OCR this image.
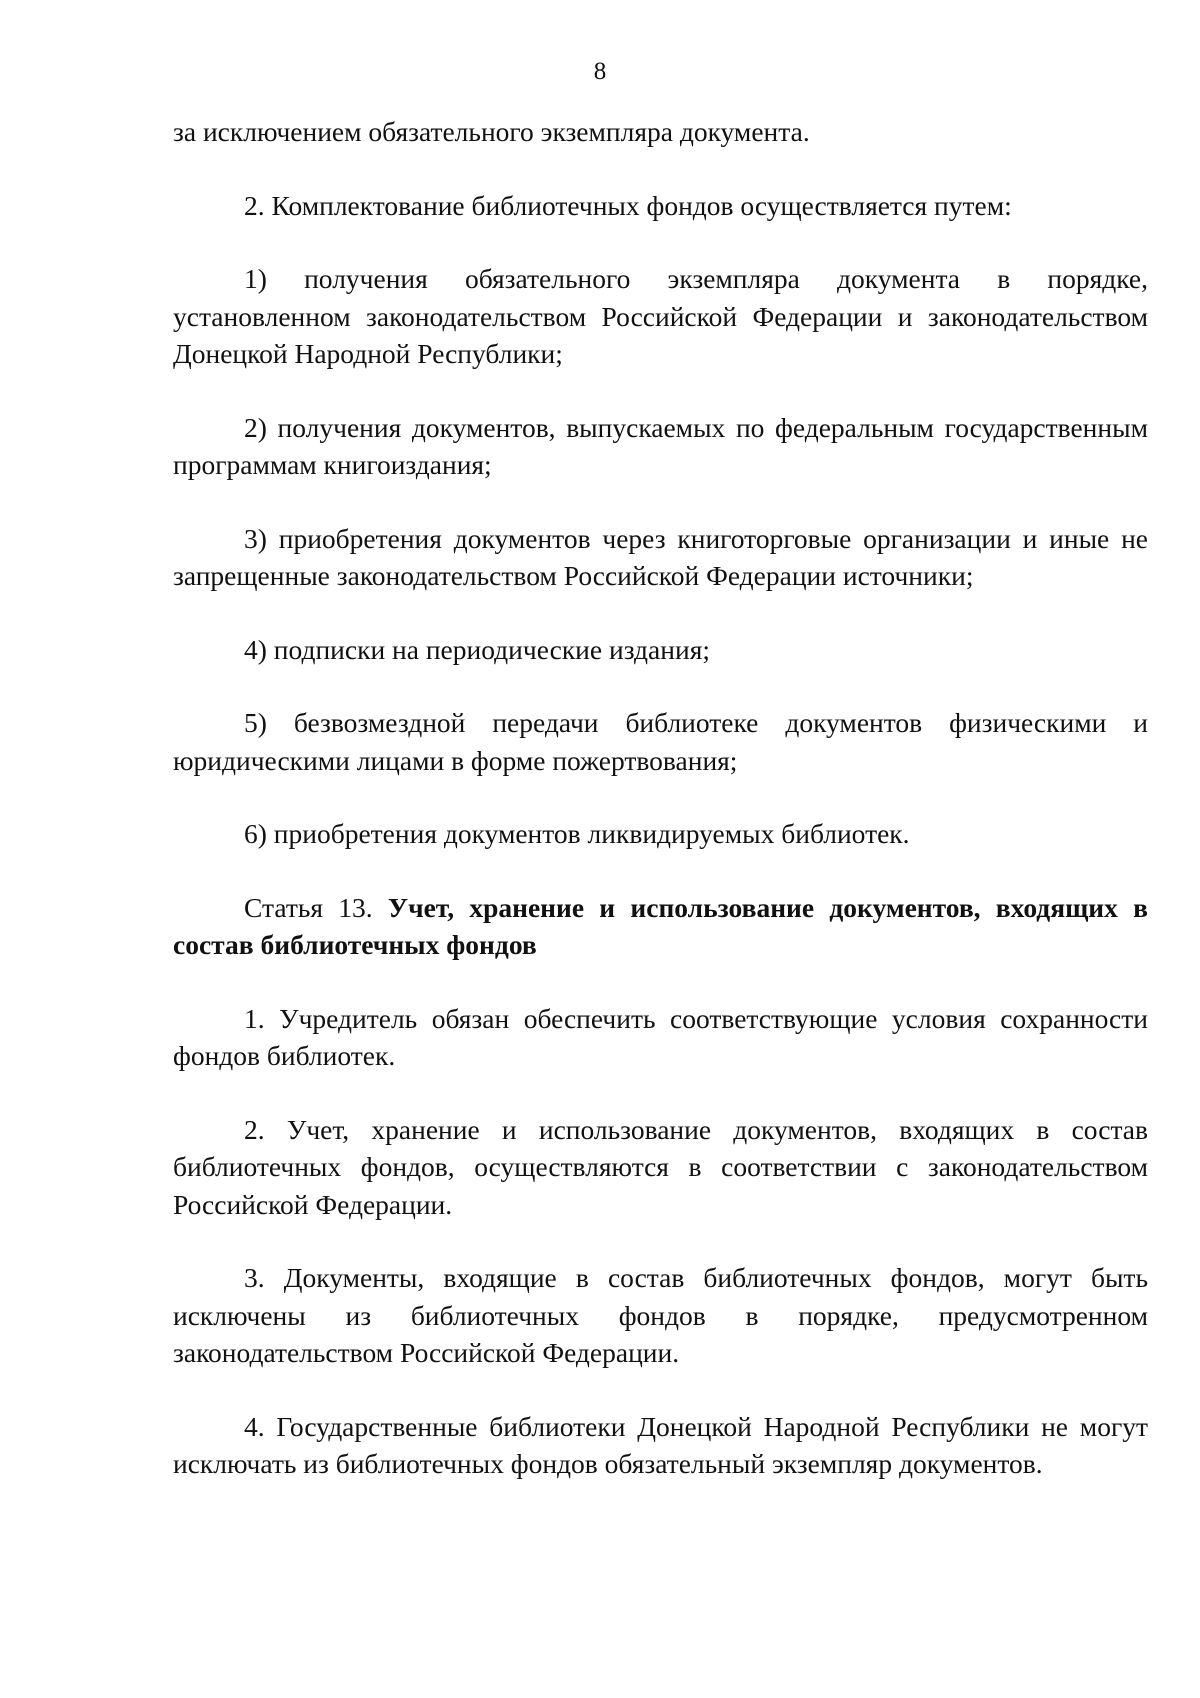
8

за исключением обязательного экземпляра документа.

2. Комплектование библиотечных фондов осуществляется путем:

1) получения обязательного экземпляра документа в порядке, установленном законодательством Российской Федерации и законодательством Донецкой Народной Республики;

2) получения документов, выпускаемых по федеральным государственным программам книгоиздания;

3) приобретения документов через книготорговые организации и иные не запрещенные законодательством Российской Федерации источники;

4) подписки на периодические издания;

5) безвозмездной передачи библиотеке документов физическими и юридическими лицами в форме пожертвования;

6) приобретения документов ликвидируемых библиотек.

Статья 13. Учет, хранение и использование документов, входящих в состав библиотечных фондов

1. Учредитель обязан обеспечить соответствующие условия сохранности фондов библиотек.

2. Учет, хранение и использование документов, входящих в состав библиотечных фондов, осуществляются в соответствии с законодательством Российской Федерации.

3. Документы, входящие в состав библиотечных фондов, могут быть исключены из библиотечных фондов в порядке, предусмотренном законодательством Российской Федерации.

4. Государственные библиотеки Донецкой Народной Республики не могут исключать из библиотечных фондов обязательный экземпляр документов.
